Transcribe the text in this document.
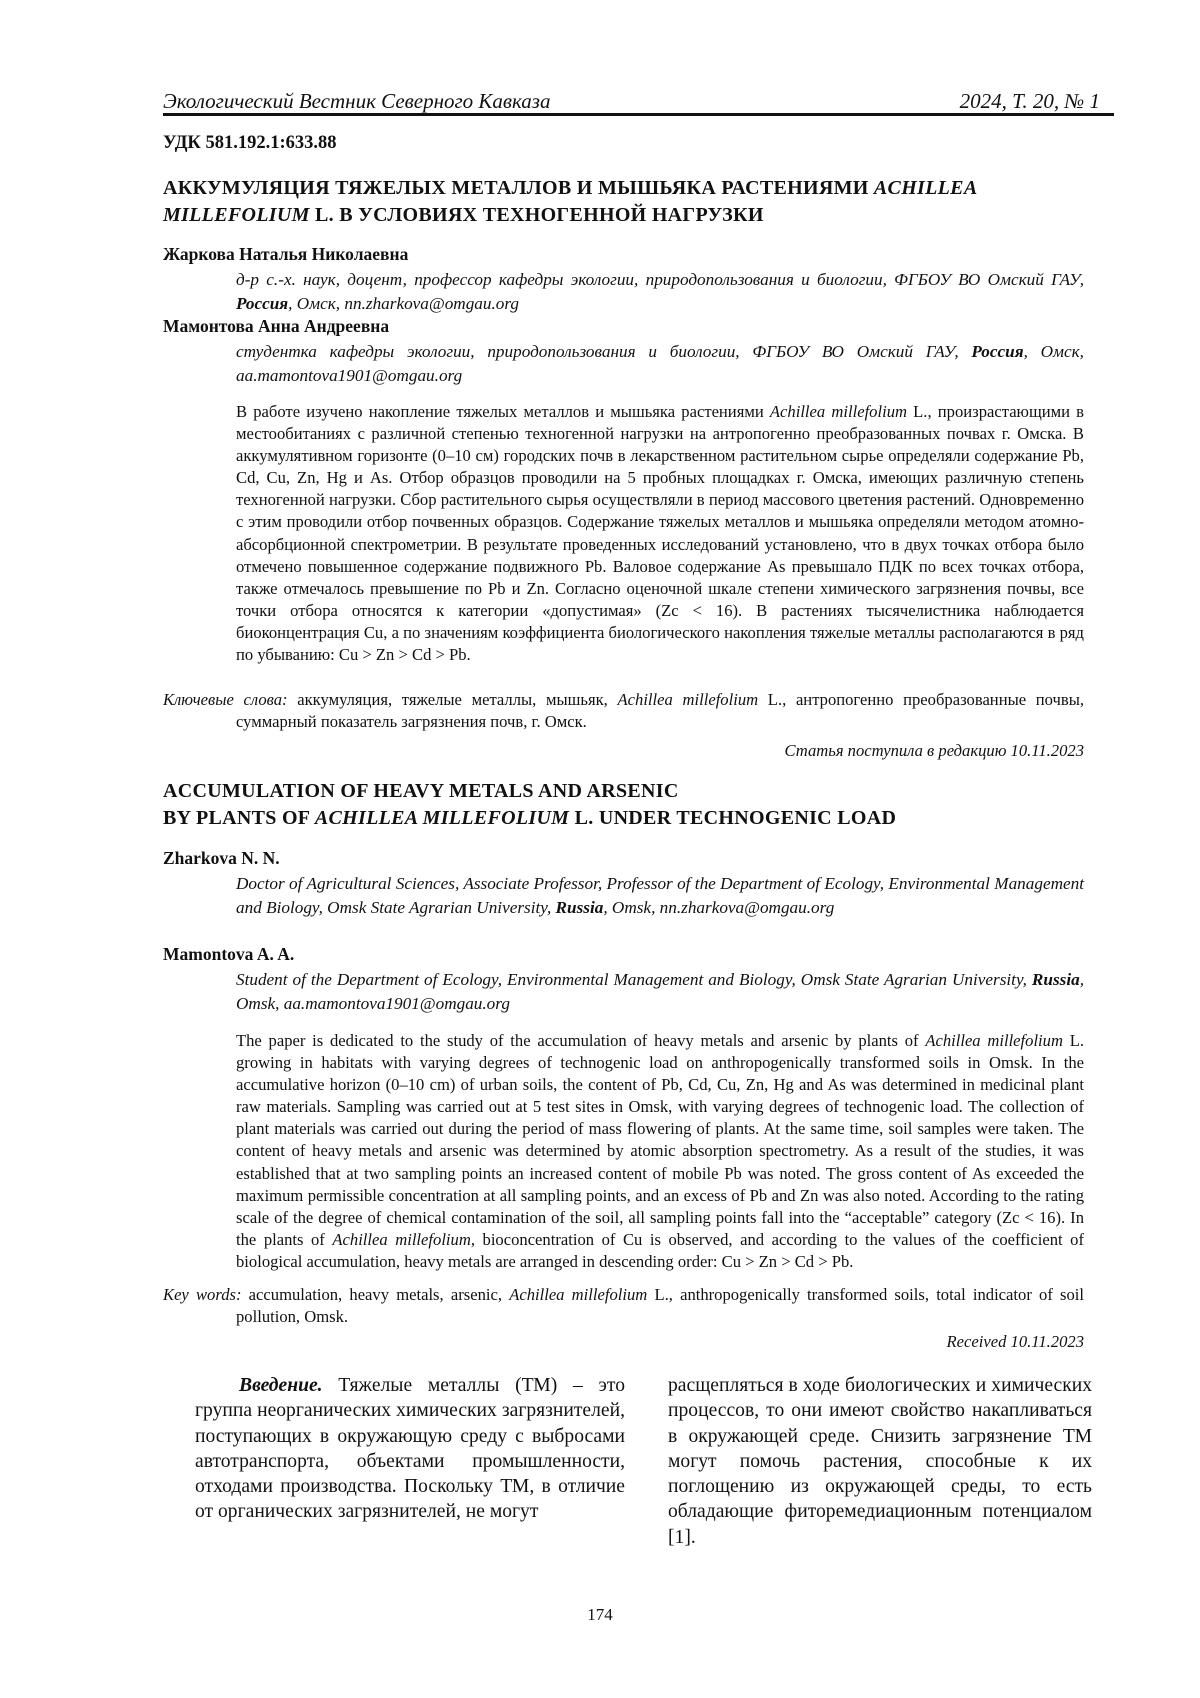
Экологический Вестник Северного Кавказа	2024, Т. 20, № 1
УДК 581.192.1:633.88
АККУМУЛЯЦИЯ ТЯЖЕЛЫХ МЕТАЛЛОВ И МЫШЬЯКА РАСТЕНИЯМИ ACHILLEA MILLEFOLIUM L. В УСЛОВИЯХ ТЕХНОГЕННОЙ НАГРУЗКИ
Жаркова Наталья Николаевна
д-р с.-х. наук, доцент, профессор кафедры экологии, природопользования и биологии, ФГБОУ ВО Омский ГАУ, Россия, Омск, nn.zharkova@omgau.org
Мамонтова Анна Андреевна
студентка кафедры экологии, природопользования и биологии, ФГБОУ ВО Омский ГАУ, Россия, Омск, aa.mamontova1901@omgau.org
В работе изучено накопление тяжелых металлов и мышьяка растениями Achillea millefolium L., произрастающими в местообитаниях с различной степенью техногенной нагрузки на антропогенно преобразованных почвах г. Омска. В аккумулятивном горизонте (0–10 см) городских почв в лекарственном растительном сырье определяли содержание Pb, Cd, Cu, Zn, Hg и As. Отбор образцов проводили на 5 пробных площадках г. Омска, имеющих различную степень техногенной нагрузки. Сбор растительного сырья осуществляли в период массового цветения растений. Одновременно с этим проводили отбор почвенных образцов. Содержание тяжелых металлов и мышьяка определяли методом атомно-абсорбционной спектрометрии. В результате проведенных исследований установлено, что в двух точках отбора было отмечено повышенное содержание подвижного Pb. Валовое содержание As превышало ПДК по всех точках отбора, также отмечалось превышение по Pb и Zn. Согласно оценочной шкале степени химического загрязнения почвы, все точки отбора относятся к категории «допустимая» (Zc < 16). В растениях тысячелистника наблюдается биоконцентрация Cu, а по значениям коэффициента биологического накопления тяжелые металлы располагаются в ряд по убыванию: Cu > Zn > Cd > Pb.
Ключевые слова: аккумуляция, тяжелые металлы, мышьяк, Achillea millefolium L., антропогенно преобразованные почвы, суммарный показатель загрязнения почв, г. Омск.
Статья поступила в редакцию 10.11.2023
ACCUMULATION OF HEAVY METALS AND ARSENIC
BY PLANTS OF ACHILLEA MILLEFOLIUM L. UNDER TECHNOGENIC LOAD
Zharkova N. N.
Doctor of Agricultural Sciences, Associate Professor, Professor of the Department of Ecology, Environmental Management and Biology, Omsk State Agrarian University, Russia, Omsk, nn.zharkova@omgau.org
Mamontova A. A.
Student of the Department of Ecology, Environmental Management and Biology, Omsk State Agrarian University, Russia, Omsk, aa.mamontova1901@omgau.org
The paper is dedicated to the study of the accumulation of heavy metals and arsenic by plants of Achillea millefolium L. growing in habitats with varying degrees of technogenic load on anthropogenically transformed soils in Omsk. In the accumulative horizon (0–10 cm) of urban soils, the content of Pb, Cd, Cu, Zn, Hg and As was determined in medicinal plant raw materials. Sampling was carried out at 5 test sites in Omsk, with varying degrees of technogenic load. The collection of plant materials was carried out during the period of mass flowering of plants. At the same time, soil samples were taken. The content of heavy metals and arsenic was determined by atomic absorption spectrometry. As a result of the studies, it was established that at two sampling points an increased content of mobile Pb was noted. The gross content of As exceeded the maximum permissible concentration at all sampling points, and an excess of Pb and Zn was also noted. According to the rating scale of the degree of chemical contamination of the soil, all sampling points fall into the “acceptable” category (Zc < 16). In the plants of Achillea millefolium, bioconcentration of Cu is observed, and according to the values of the coefficient of biological accumulation, heavy metals are arranged in descending order: Cu > Zn > Cd > Pb.
Key words: accumulation, heavy metals, arsenic, Achillea millefolium L., anthropogenically transformed soils, total indicator of soil pollution, Omsk.
Received 10.11.2023
Введение. Тяжелые металлы (ТМ) – это группа неорганических химических загрязнителей, поступающих в окружающую среду с выбросами автотранспорта, объектами промышленности, отходами производства. Поскольку ТМ, в отличие от органических загрязнителей, не могут
расщепляться в ходе биологических и химических процессов, то они имеют свойство накапливаться в окружающей среде. Снизить загрязнение ТМ могут помочь растения, способные к их поглощению из окружающей среды, то есть обладающие фиторемедиационным потенциалом [1].
174
